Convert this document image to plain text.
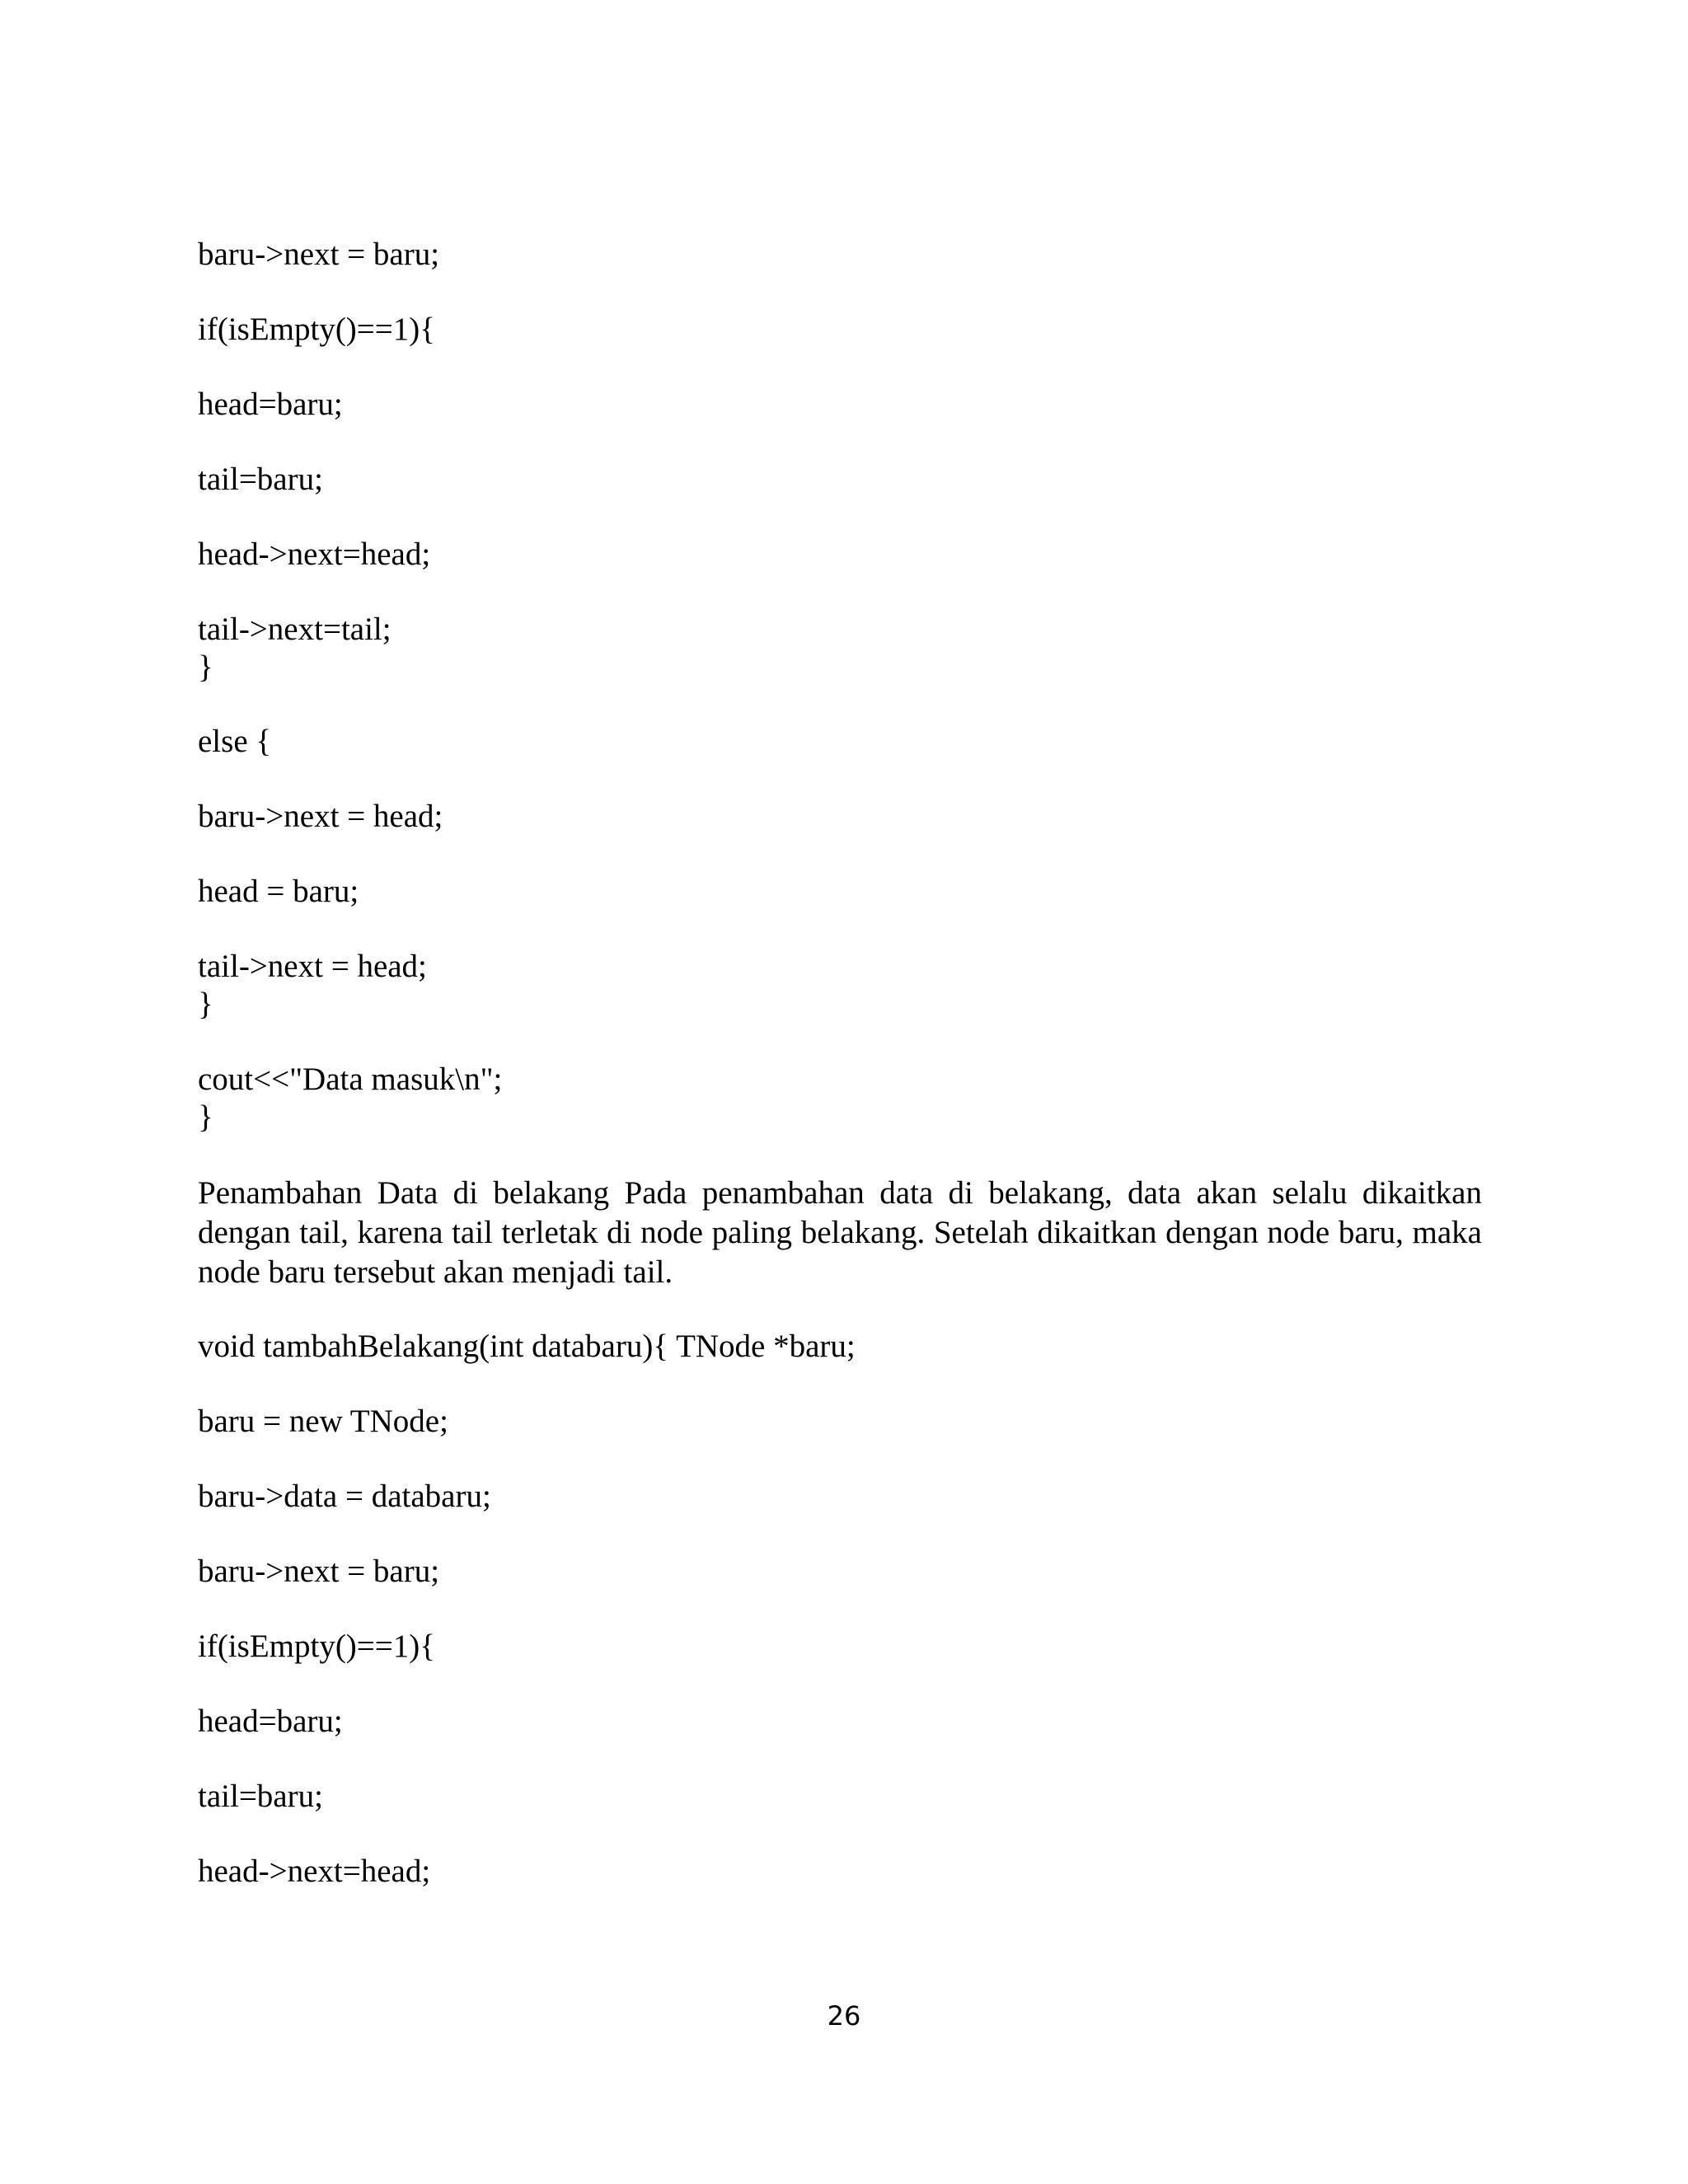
baru->next = baru;
if(isEmpty()==1){
head=baru;
tail=baru;
head->next=head;
tail->next=tail;
}
else {
baru->next = head;
head = baru;
tail->next = head;
}
cout<<"Data masuk\n";
}
Penambahan Data di belakang Pada penambahan data di belakang, data akan selalu dikaitkan
dengan tail, karena tail terletak di node paling belakang. Setelah dikaitkan dengan node baru, maka
node baru tersebut akan menjadi tail.
void tambahBelakang(int databaru){ TNode *baru;
baru = new TNode;
baru->data = databaru;
baru->next = baru;
if(isEmpty()==1){
head=baru;
tail=baru;
head->next=head;
26
